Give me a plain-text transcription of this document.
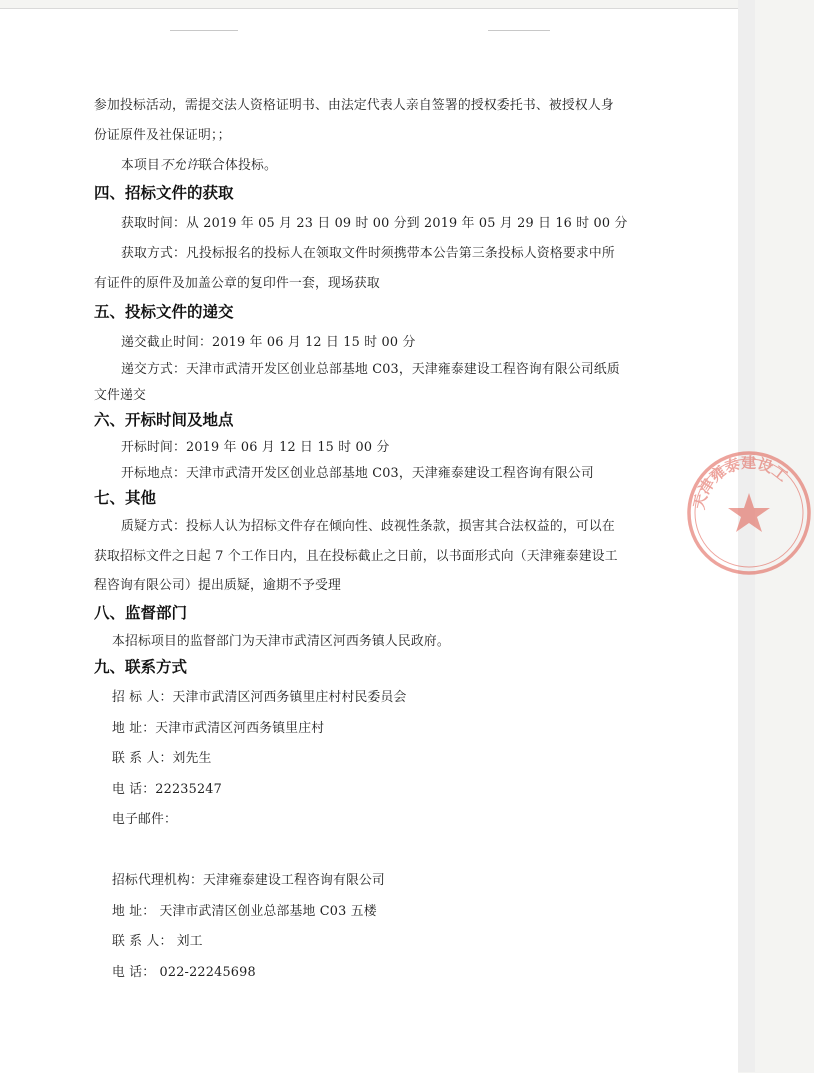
参加投标活动，需提交法人资格证明书、由法定代表人亲自签署的授权委托书、被授权人身
份证原件及社保证明；；
本项目不允许联合体投标。
四、招标文件的获取
获取时间：从 2019 年 05 月 23 日 09 时 00 分到 2019 年 05 月 29 日 16 时 00 分
获取方式：凡投标报名的投标人在领取文件时须携带本公告第三条投标人资格要求中所
有证件的原件及加盖公章的复印件一套，现场获取
五、投标文件的递交
递交截止时间：2019 年 06 月 12 日 15 时 00 分
递交方式：天津市武清开发区创业总部基地 C03，天津雍泰建设工程咨询有限公司纸质
文件递交
六、开标时间及地点
开标时间：2019 年 06 月 12 日 15 时 00 分
开标地点：天津市武清开发区创业总部基地 C03，天津雍泰建设工程咨询有限公司
七、其他
质疑方式：投标人认为招标文件存在倾向性、歧视性条款，损害其合法权益的，可以在
获取招标文件之日起 7 个工作日内，且在投标截止之日前，以书面形式向（天津雍泰建设工
程咨询有限公司）提出质疑，逾期不予受理
八、监督部门
本招标项目的监督部门为天津市武清区河西务镇人民政府。
九、联系方式
招 标 人：天津市武清区河西务镇里庄村村民委员会
地 址：天津市武清区河西务镇里庄村
联 系 人：刘先生
电 话：22235247
电子邮件：
招标代理机构：天津雍泰建设工程咨询有限公司
地 址： 天津市武清区创业总部基地 C03 五楼
联 系 人： 刘工
电 话： 022-22245698
天津雍泰建设工
